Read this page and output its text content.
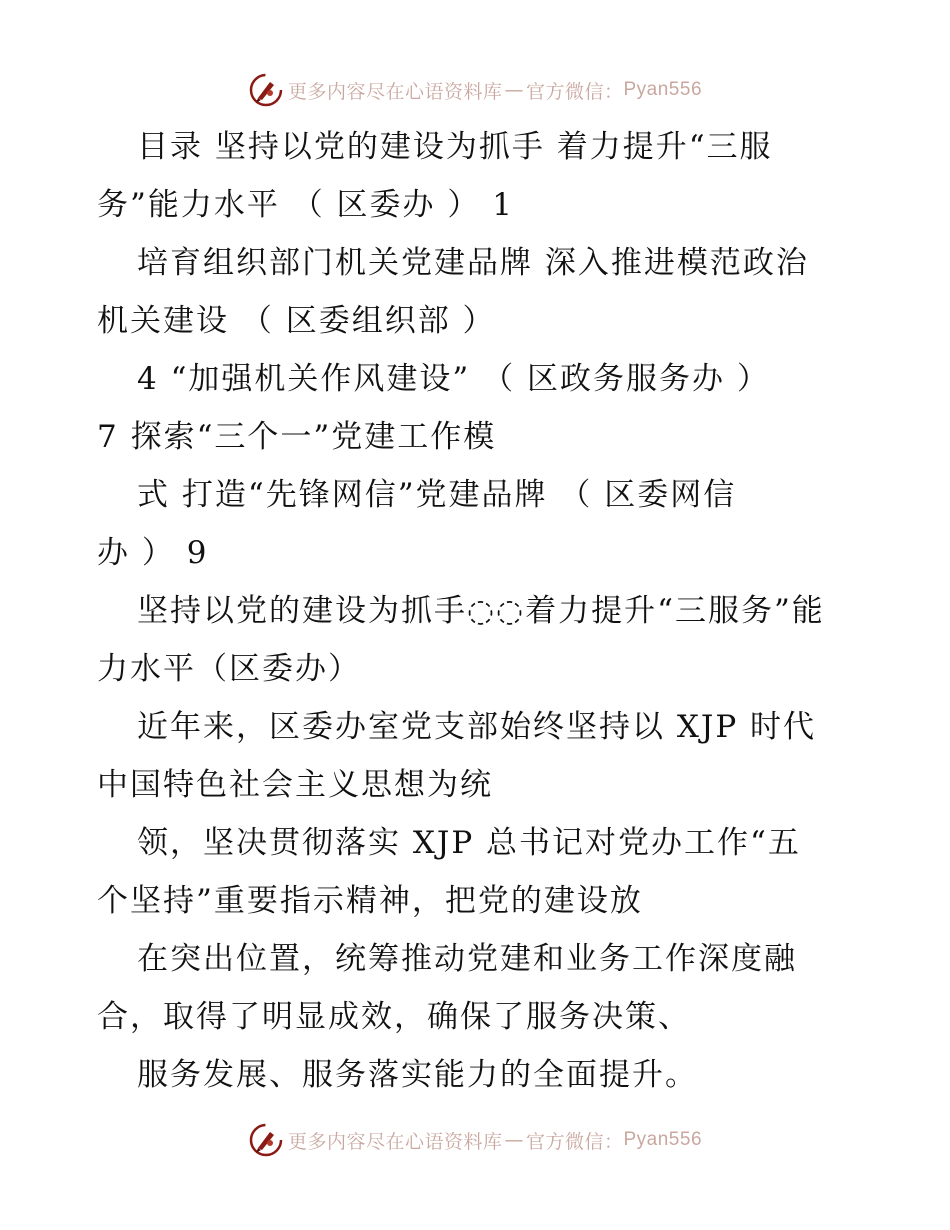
更多内容尽在心语资料库 — 官方微信： Pyan556
目录 坚持以党的建设为抓手 着力提升“三服
务”能力水平 （ 区委办 ） 1
培育组织部门机关党建品牌 深入推进模范政治
机关建设 （ 区委组织部 ）
4 “加强机关作风建设” （ 区政务服务办 ）
7 探索“三个一”党建工作模
式 打造“先锋网信”党建品牌 （ 区委网信
办 ） 9
坚持以党的建设为抓手◌◌着力提升“三服务”能
力水平（区委办）
近年来，区委办室党支部始终坚持以 XJP 时代
中国特色社会主义思想为统
领，坚决贯彻落实 XJP 总书记对党办工作“五
个坚持”重要指示精神，把党的建设放
在突出位置，统筹推动党建和业务工作深度融
合，取得了明显成效，确保了服务决策、
服务发展、服务落实能力的全面提升。
更多内容尽在心语资料库 — 官方微信： Pyan556
